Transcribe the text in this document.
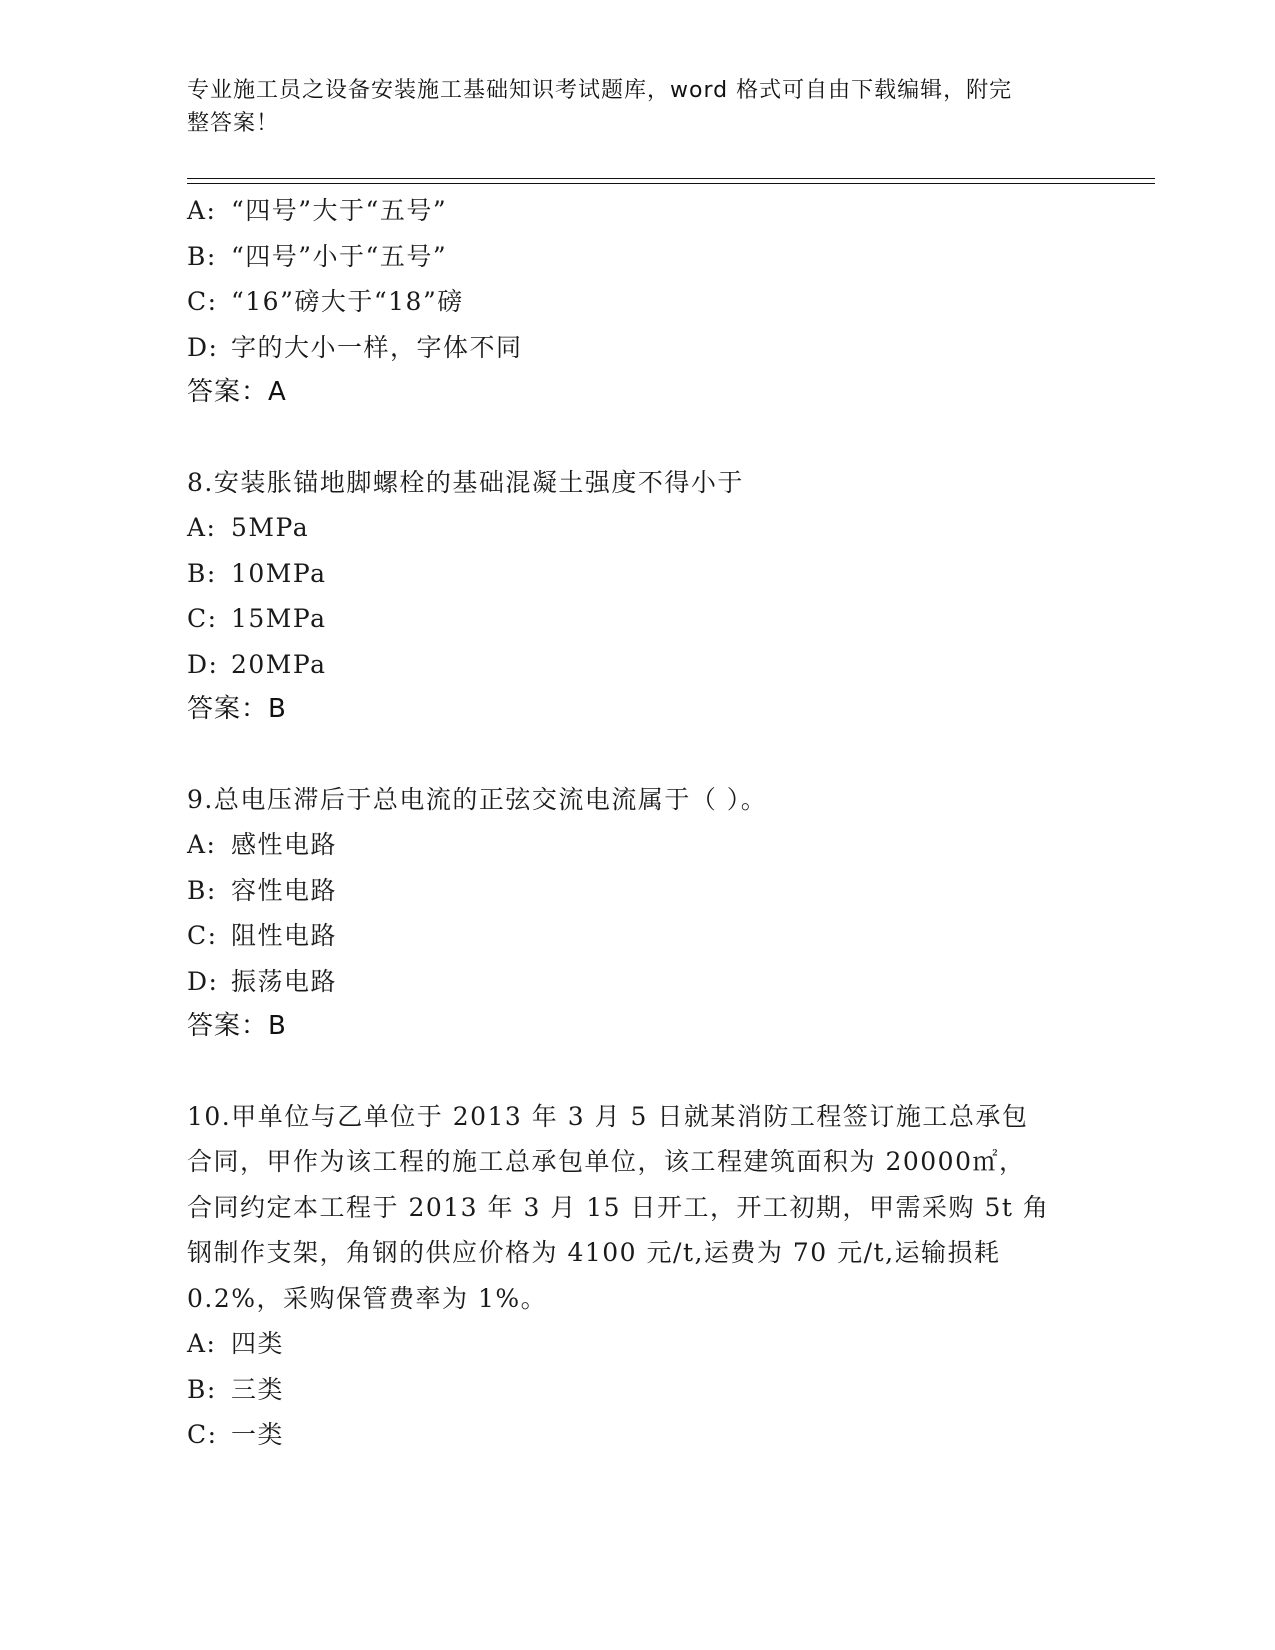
专业施工员之设备安装施工基础知识考试题库，word 格式可自由下载编辑，附完
整答案！
A: “四号”大于“五号”
B: “四号”小于“五号”
C: “16”磅大于“18”磅
D: 字的大小一样，字体不同
答案：A
8.安装胀锚地脚螺栓的基础混凝土强度不得小于
A: 5MPa
B: 10MPa
C: 15MPa
D: 20MPa
答案：B
9.总电压滞后于总电流的正弦交流电流属于（ ）。
A: 感性电路
B: 容性电路
C: 阻性电路
D: 振荡电路
答案：B
10.甲单位与乙单位于 2013 年 3 月 5 日就某消防工程签订施工总承包
合同，甲作为该工程的施工总承包单位，该工程建筑面积为 20000㎡，
合同约定本工程于 2013 年 3 月 15 日开工，开工初期，甲需采购 5t 角
钢制作支架，角钢的供应价格为 4100 元/t,运费为 70 元/t,运输损耗
0.2%，采购保管费率为 1%。
A: 四类
B: 三类
C: 一类
